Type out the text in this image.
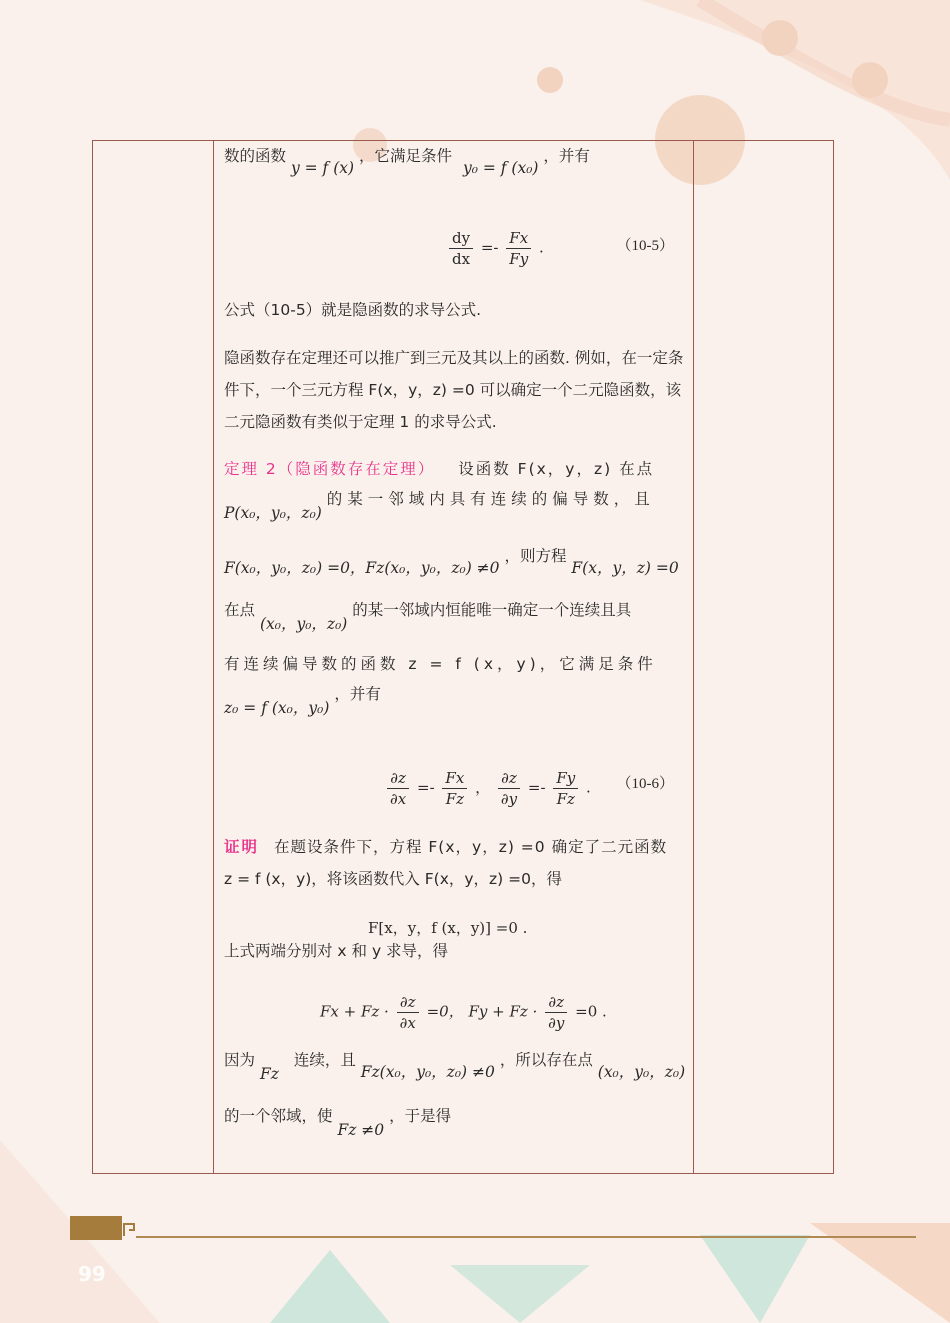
数的函数 y = f (x) ，它满足条件 y₀ = f (x₀) ，并有
$\frac{dy}{dx} =- \frac{Fx}{Fy}$ .	（10-5）
公式（10-5）就是隐函数的求导公式.
隐函数存在定理还可以推广到三元及其以上的函数. 例如，在一定条件下，一个三元方程 F(x，y，z) =0 可以确定一个二元隐函数，该二元隐函数有类似于定理 1 的求导公式.
定理 2（隐函数存在定理） 设函数 F(x，y，z) 在点
P(x₀，y₀，z₀) 的某一邻域内具有连续的偏导数，且
F(x₀，y₀，z₀) =0，Fz(x₀，y₀，z₀) ≠0 ，则方程 F(x，y，z) =0
在点 (x₀，y₀，z₀) 的某一邻域内恒能唯一确定一个连续且具
有连续偏导数的函数 z = f (x，y)，它满足条件
z₀ = f (x₀，y₀) ，并有
$\frac{\partial z}{\partial x} =- \frac{Fx}{Fz}$ ， $\frac{\partial z}{\partial y} =- \frac{Fy}{Fz}$ . （10-6）
证明 在题设条件下，方程 F(x，y，z) =0 确定了二元函数
z = f (x，y)，将该函数代入 F(x，y，z) =0，得
F[x，y，f (x，y)] =0 .
上式两端分别对 x 和 y 求导，得
$Fx + Fz \cdot \frac{\partial z}{\partial x} =0$， $Fy + Fz \cdot \frac{\partial z}{\partial y} =0$ .
因为 Fz 连续，且 Fz(x₀，y₀，z₀) ≠0 ，所以存在点 (x₀，y₀，z₀)
的一个邻域，使 Fz ≠0 ，于是得
99
